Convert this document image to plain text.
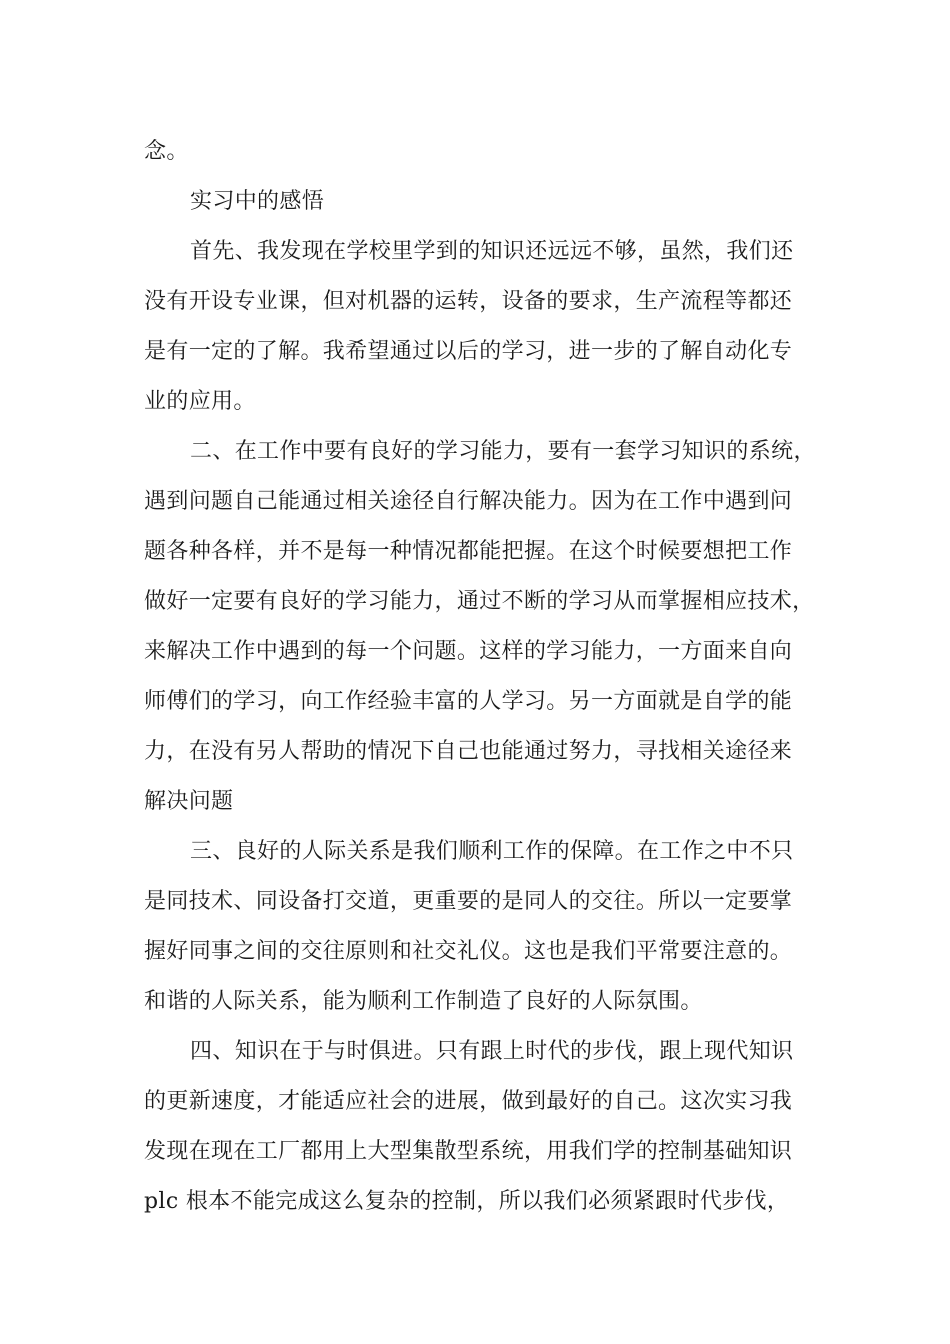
念。

实习中的感悟

首先、我发现在学校里学到的知识还远远不够，虽然，我们还

没有开设专业课，但对机器的运转，设备的要求，生产流程等都还

是有一定的了解。我希望通过以后的学习，进一步的了解自动化专

业的应用。

二、在工作中要有良好的学习能力，要有一套学习知识的系统，

遇到问题自己能通过相关途径自行解决能力。因为在工作中遇到问

题各种各样，并不是每一种情况都能把握。在这个时候要想把工作

做好一定要有良好的学习能力，通过不断的学习从而掌握相应技术，

来解决工作中遇到的每一个问题。这样的学习能力，一方面来自向

师傅们的学习，向工作经验丰富的人学习。另一方面就是自学的能

力，在没有另人帮助的情况下自己也能通过努力，寻找相关途径来

解决问题

三、良好的人际关系是我们顺利工作的保障。在工作之中不只

是同技术、同设备打交道，更重要的是同人的交往。所以一定要掌

握好同事之间的交往原则和社交礼仪。这也是我们平常要注意的。

和谐的人际关系，能为顺利工作制造了良好的人际氛围。

四、知识在于与时俱进。只有跟上时代的步伐，跟上现代知识

的更新速度，才能适应社会的进展，做到最好的自己。这次实习我

发现在现在工厂都用上大型集散型系统，用我们学的控制基础知识

plc 根本不能完成这么复杂的控制，所以我们必须紧跟时代步伐，
